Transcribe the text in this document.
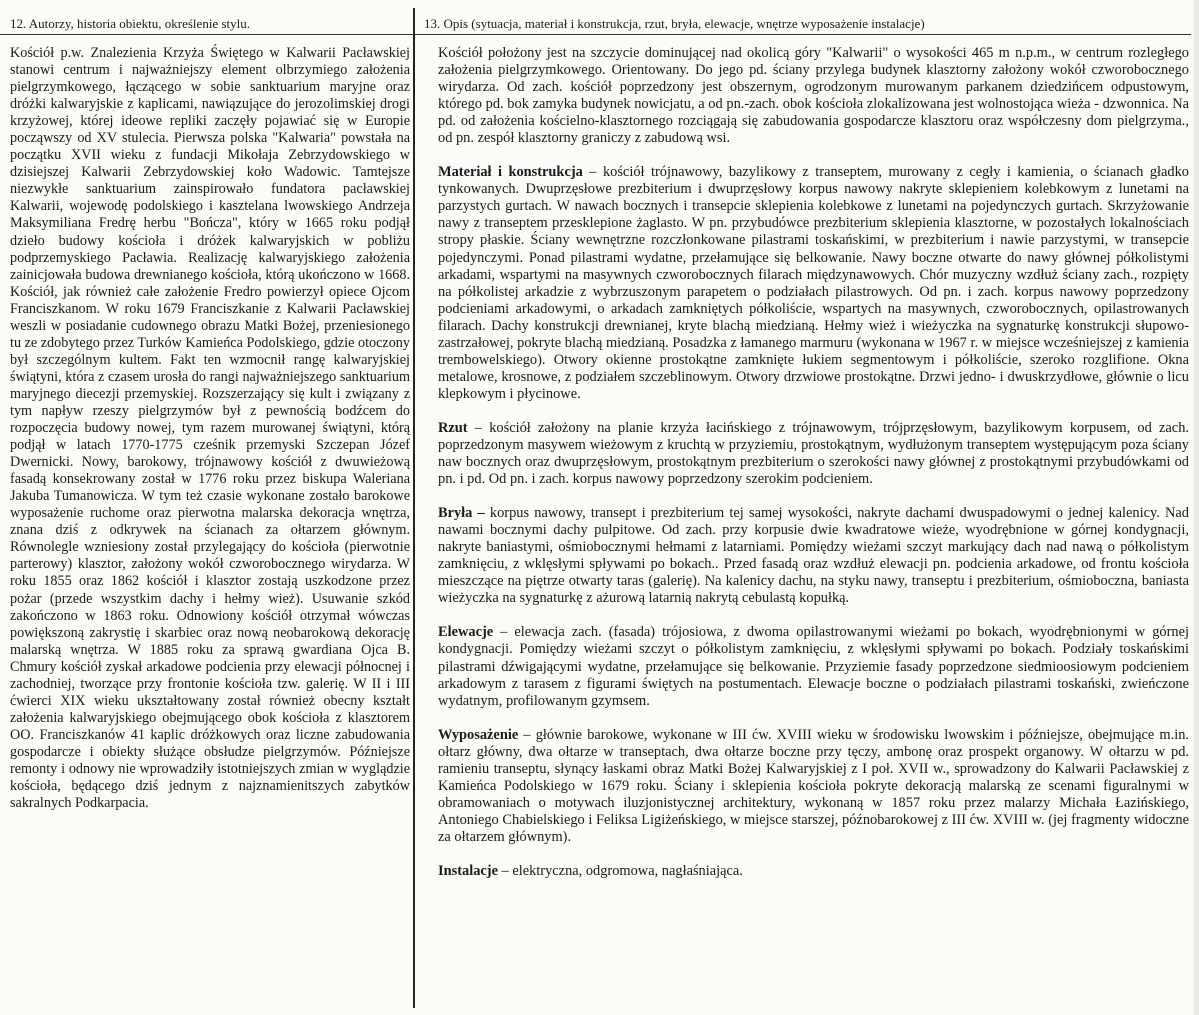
12. Autorzy, historia obiektu, określenie stylu.

Kościół p.w. Znalezienia Krzyża Świętego w Kalwarii Pacławskiej stanowi centrum i najważniejszy element olbrzymiego założenia pielgrzymkowego, łączącego w sobie sanktuarium maryjne oraz dróżki kalwaryjskie z kaplicami, nawiązujące do jerozolimskiej drogi krzyżowej, której ideowe repliki zaczęły pojawiać się w Europie począwszy od XV stulecia. Pierwsza polska "Kalwaria" powstała na początku XVII wieku z fundacji Mikołaja Zebrzydowskiego w dzisiejszej Kalwarii Zebrzydowskiej koło Wadowic. Tamtejsze niezwykłe sanktuarium zainspirowało fundatora pacławskiej Kalwarii, wojewodę podolskiego i kasztelana lwowskiego Andrzeja Maksymiliana Fredrę herbu "Bończa", który w 1665 roku podjął dzieło budowy kościoła i dróżek kalwaryjskich w pobliżu podprzemyskiego Pacławia. Realizację kalwaryjskiego założenia zainicjowała budowa drewnianego kościoła, którą ukończono w 1668. Kościół, jak również całe założenie Fredro powierzył opiece Ojcom Franciszkanom. W roku 1679 Franciszkanie z Kalwarii Pacławskiej weszli w posiadanie cudownego obrazu Matki Bożej, przeniesionego tu ze zdobytego przez Turków Kamieńca Podolskiego, gdzie otoczony był szczególnym kultem. Fakt ten wzmocnił rangę kalwaryjskiej świątyni, która z czasem urosła do rangi najważniejszego sanktuarium maryjnego diecezji przemyskiej. Rozszerzający się kult i związany z tym napływ rzeszy pielgrzymów był z pewnością bodźcem do rozpoczęcia budowy nowej, tym razem murowanej świątyni, którą podjął w latach 1770-1775 cześnik przemyski Szczepan Józef Dwernicki. Nowy, barokowy, trójnawowy kościół z dwuwieżową fasadą konsekrowany został w 1776 roku przez biskupa Waleriana Jakuba Tumanowicza. W tym też czasie wykonane zostało barokowe wyposażenie ruchome oraz pierwotna malarska dekoracja wnętrza, znana dziś z odkrywek na ścianach za ołtarzem głównym. Równolegle wzniesiony został przylegający do kościoła (pierwotnie parterowy) klasztor, założony wokół czworobocznego wirydarza. W roku 1855 oraz 1862 kościół i klasztor zostają uszkodzone przez pożar (przede wszystkim dachy i hełmy wież). Usuwanie szkód zakończono w 1863 roku. Odnowiony kościół otrzymał wówczas powiększoną zakrystię i skarbiec oraz nową neobarokową dekorację malarską wnętrza. W 1885 roku za sprawą gwardiana Ojca B. Chmury kościół zyskał arkadowe podcienia przy elewacji północnej i zachodniej, tworzące przy frontonie kościoła tzw. galerię. W II i III ćwierci XIX wieku ukształtowany został również obecny kształt założenia kalwaryjskiego obejmującego obok kościoła z klasztorem OO. Franciszkanów 41 kaplic dróżkowych oraz liczne zabudowania gospodarcze i obiekty służące obsłudze pielgrzymów. Późniejsze remonty i odnowy nie wprowadziły istotniejszych zmian w wyglądzie kościoła, będącego dziś jednym z najznamienitszych zabytków sakralnych Podkarpacia.

13. Opis (sytuacja, materiał i konstrukcja, rzut, bryła, elewacje, wnętrze wyposażenie instalacje)

Kościół położony jest na szczycie dominującej nad okolicą góry "Kalwarii" o wysokości 465 m n.p.m., w centrum rozległego założenia pielgrzymkowego. Orientowany. Do jego pd. ściany przylega budynek klasztorny założony wokół czworobocznego wirydarza. Od zach. kościół poprzedzony jest obszernym, ogrodzonym murowanym parkanem dziedzińcem odpustowym, którego pd. bok zamyka budynek nowicjatu, a od pn.-zach. obok kościoła zlokalizowana jest wolnostojąca wieża - dzwonnica. Na pd. od założenia kościelno-klasztornego rozciągają się zabudowania gospodarcze klasztoru oraz współczesny dom pielgrzyma., od pn. zespół klasztorny graniczy z zabudową wsi.

Materiał i konstrukcja – kościół trójnawowy, bazylikowy z transeptem, murowany z cegły i kamienia, o ścianach gładko tynkowanych. Dwuprzęsłowe prezbiterium i dwuprzęsłowy korpus nawowy nakryte sklepieniem kolebkowym z lunetami na parzystych gurtach. W nawach bocznych i transepcie sklepienia kolebkowe z lunetami na pojedynczych gurtach. Skrzyżowanie nawy z transeptem przesklepione żaglasto. W pn. przybudówce prezbiterium sklepienia klasztorne, w pozostałych lokalnościach stropy płaskie. Ściany wewnętrzne rozczłonkowane pilastrami toskańskimi, w prezbiterium i nawie parzystymi, w transepcie pojedynczymi. Ponad pilastrami wydatne, przełamujące się belkowanie. Nawy boczne otwarte do nawy głównej półkolistymi arkadami, wspartymi na masywnych czworobocznych filarach międzynawowych. Chór muzyczny wzdłuż ściany zach., rozpięty na półkolistej arkadzie z wybrzuszonym parapetem o podziałach pilastrowych. Od pn. i zach. korpus nawowy poprzedzony podcieniami arkadowymi, o arkadach zamkniętych półkoliście, wspartych na masywnych, czworobocznych, opilastrowanych filarach. Dachy konstrukcji drewnianej, kryte blachą miedzianą. Hełmy wież i wieżyczka na sygnaturkę konstrukcji słupowo-zastrzałowej, pokryte blachą miedzianą. Posadzka z łamanego marmuru (wykonana w 1967 r. w miejsce wcześniejszej z kamienia trembowelskiego). Otwory okienne prostokątne zamknięte łukiem segmentowym i półkoliście, szeroko rozglifione. Okna metalowe, krosnowe, z podziałem szczeblinowym. Otwory drzwiowe prostokątne. Drzwi jedno- i dwuskrzydłowe, głównie o licu klepkowym i płycinowe.

Rzut – kościół założony na planie krzyża łacińskiego z trójnawowym, trójprzęsłowym, bazylikowym korpusem, od zach. poprzedzonym masywem wieżowym z kruchtą w przyziemiu, prostokątnym, wydłużonym transeptem występującym poza ściany naw bocznych oraz dwuprzęsłowym, prostokątnym prezbiterium o szerokości nawy głównej z prostokątnymi przybudówkami od pn. i pd. Od pn. i zach. korpus nawowy poprzedzony szerokim podcieniem.

Bryła – korpus nawowy, transept i prezbiterium tej samej wysokości, nakryte dachami dwuspadowymi o jednej kalenicy. Nad nawami bocznymi dachy pulpitowe. Od zach. przy korpusie dwie kwadratowe wieże, wyodrębnione w górnej kondygnacji, nakryte baniastymi, ośmiobocznymi hełmami z latarniami. Pomiędzy wieżami szczyt markujący dach nad nawą o półkolistym zamknięciu, z wklęsłymi spływami po bokach.. Przed fasadą oraz wzdłuż elewacji pn. podcienia arkadowe, od frontu kościoła mieszczące na piętrze otwarty taras (galerię). Na kalenicy dachu, na styku nawy, transeptu i prezbiterium, ośmioboczna, baniasta wieżyczka na sygnaturkę z ażurową latarnią nakrytą cebulastą kopułką.

Elewacje – elewacja zach. (fasada) trójosiowa, z dwoma opilastrowanymi wieżami po bokach, wyodrębnionymi w górnej kondygnacji. Pomiędzy wieżami szczyt o półkolistym zamknięciu, z wklęsłymi spływami po bokach. Podziały toskańskimi pilastrami dźwigającymi wydatne, przełamujące się belkowanie. Przyziemie fasady poprzedzone siedmioosiowym podcieniem arkadowym z tarasem z figurami świętych na postumentach. Elewacje boczne o podziałach pilastrami toskański, zwieńczone wydatnym, profilowanym gzymsem.

Wyposażenie – głównie barokowe, wykonane w III ćw. XVIII wieku w środowisku lwowskim i późniejsze, obejmujące m.in. ołtarz główny, dwa ołtarze w transeptach, dwa ołtarze boczne przy tęczy, ambonę oraz prospekt organowy. W ołtarzu w pd. ramieniu transeptu, słynący łaskami obraz Matki Bożej Kalwaryjskiej z I poł. XVII w., sprowadzony do Kalwarii Pacławskiej z Kamieńca Podolskiego w 1679 roku. Ściany i sklepienia kościoła pokryte dekoracją malarską ze scenami figuralnymi w obramowaniach o motywach iluzjonistycznej architektury, wykonaną w 1857 roku przez malarzy Michała Łazińskiego, Antoniego Chabielskiego i Feliksa Ligiżeńskiego, w miejsce starszej, późnobarokowej z III ćw. XVIII w. (jej fragmenty widoczne za ołtarzem głównym).

Instalacje – elektryczna, odgromowa, nagłaśniająca.
